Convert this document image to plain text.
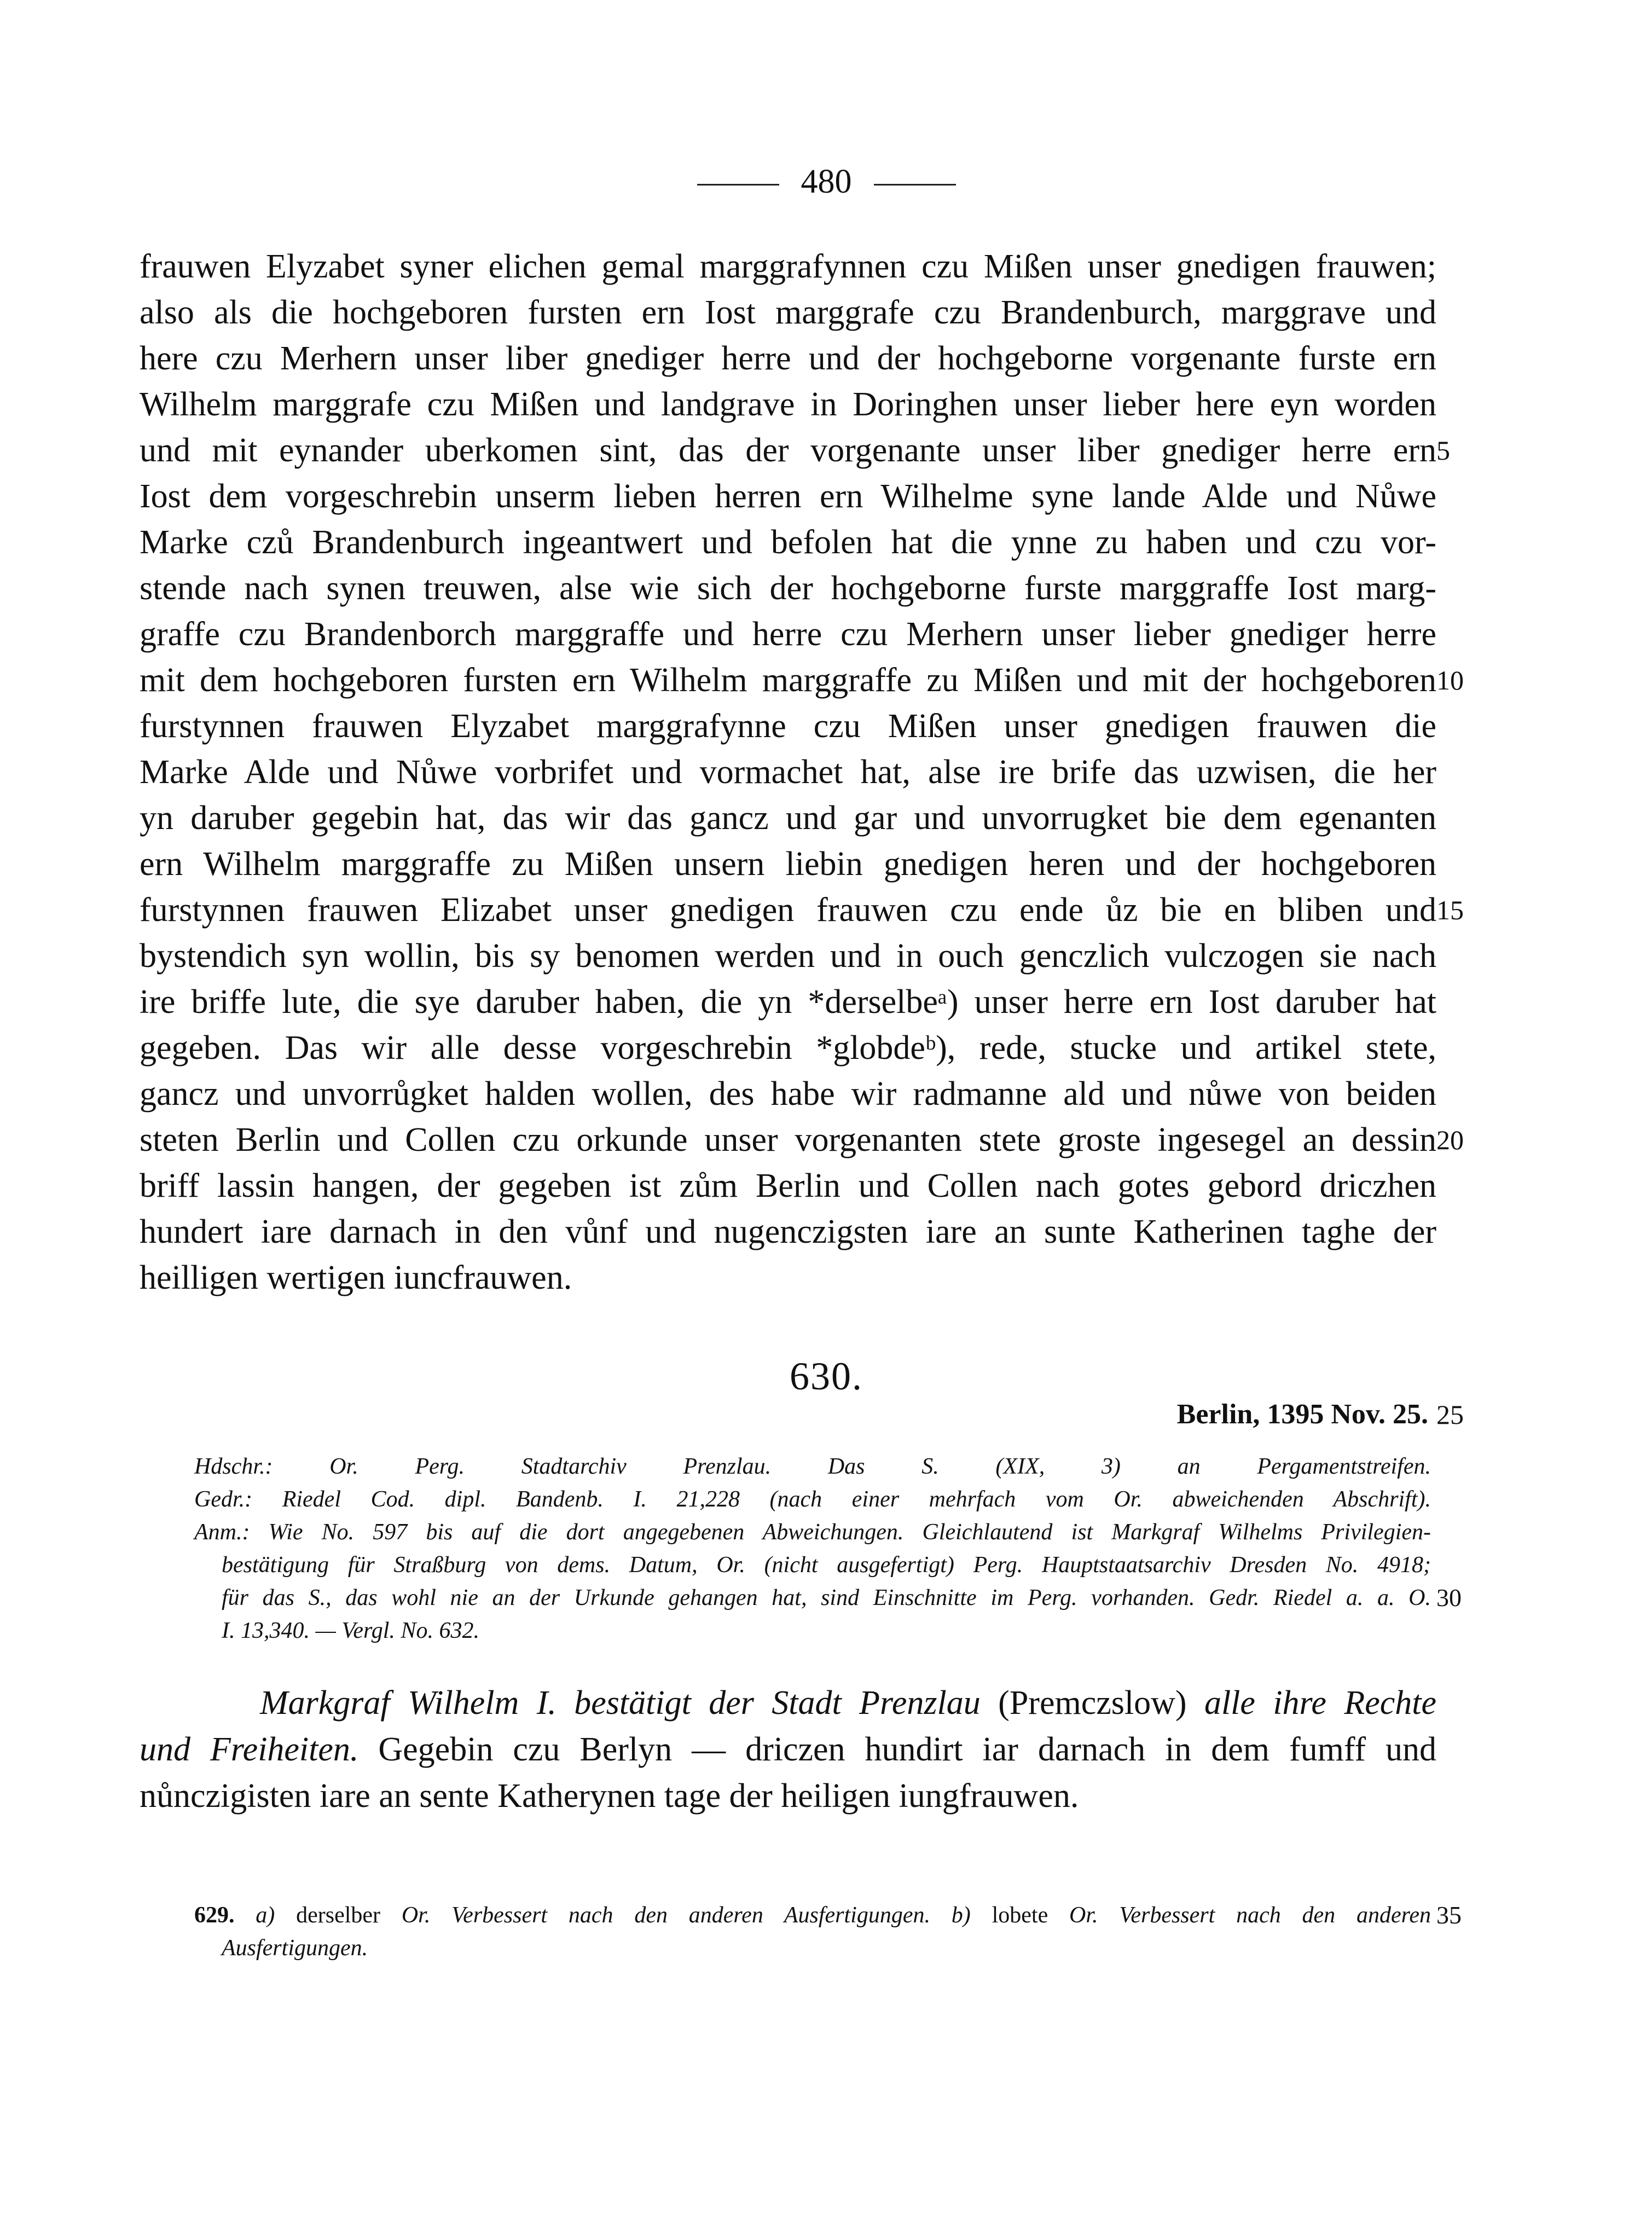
480

frauwen Elyzabet syner elichen gemal marggrafynnen czu Mißen unser gnedigen frauwen;

also als die hochgeboren fursten ern Iost marggrafe czu Brandenburch, marggrave und

here czu Merhern unser liber gnediger herre und der hochgeborne vorgenante furste ern

Wilhelm marggrafe czu Mißen und landgrave in Doringhen unser lieber here eyn worden

und mit eynander uberkomen sint, das der vorgenante unser liber gnediger herre ern

Iost dem vorgeschrebin unserm lieben herren ern Wilhelme syne lande Alde und Nůwe

Marke czů Brandenburch ingeantwert und befolen hat die ynne zu haben und czu vor-

stende nach synen treuwen, alse wie sich der hochgeborne furste marggraffe Iost marg-

graffe czu Brandenborch marggraffe und herre czu Merhern unser lieber gnediger herre

mit dem hochgeboren fursten ern Wilhelm marggraffe zu Mißen und mit der hochgeboren

furstynnen frauwen Elyzabet marggrafynne czu Mißen unser gnedigen frauwen die

Marke Alde und Nůwe vorbrifet und vormachet hat, alse ire brife das uzwisen, die her

yn daruber gegebin hat, das wir das gancz und gar und unvorrugket bie dem egenanten

ern Wilhelm marggraffe zu Mißen unsern liebin gnedigen heren und der hochgeboren

furstynnen frauwen Elizabet unser gnedigen frauwen czu ende ůz bie en bliben und

bystendich syn wollin, bis sy benomen werden und in ouch genczlich vulczogen sie nach

ire briffe lute, die sye daruber haben, die yn *derselbeᵃ) unser herre ern Iost daruber hat

gegeben. Das wir alle desse vorgeschrebin *globdeᵇ), rede, stucke und artikel stete,

gancz und unvorrůgket halden wollen, des habe wir radmanne ald und nůwe von beiden

steten Berlin und Collen czu orkunde unser vorgenanten stete groste ingesegel an dessin

briff lassin hangen, der gegeben ist zům Berlin und Collen nach gotes gebord driczhen

hundert iare darnach in den vůnf und nugenczigsten iare an sunte Katherinen taghe der

heilligen wertigen iuncfrauwen.

5
10
15
20
630.
Berlin, 1395 Nov. 25. 25

Hdschr.: Or. Perg. Stadtarchiv Prenzlau. Das S. (XIX, 3) an Pergamentstreifen.

Gedr.: Riedel Cod. dipl. Bandenb. I. 21,228 (nach einer mehrfach vom Or. abweichenden Abschrift).

Anm.: Wie No. 597 bis auf die dort angegebenen Abweichungen. Gleichlautend ist Markgraf Wilhelms Privilegien-

bestätigung für Straßburg von dems. Datum, Or. (nicht ausgefertigt) Perg. Hauptstaatsarchiv Dresden No. 4918;

für das S., das wohl nie an der Urkunde gehangen hat, sind Einschnitte im Perg. vorhanden. Gedr. Riedel a. a. O.

I. 13,340. — Vergl. No. 632.

30

Markgraf Wilhelm I. bestätigt der Stadt Prenzlau (Premczslow) alle ihre Rechte

und Freiheiten. Gegebin czu Berlyn — driczen hundirt iar darnach in dem fumff und

nůnczigisten iare an sente Katherynen tage der heiligen iungfrauwen.

629. a) derselber Or. Verbessert nach den anderen Ausfertigungen. b) lobete Or. Verbessert nach den anderen

Ausfertigungen.

35
